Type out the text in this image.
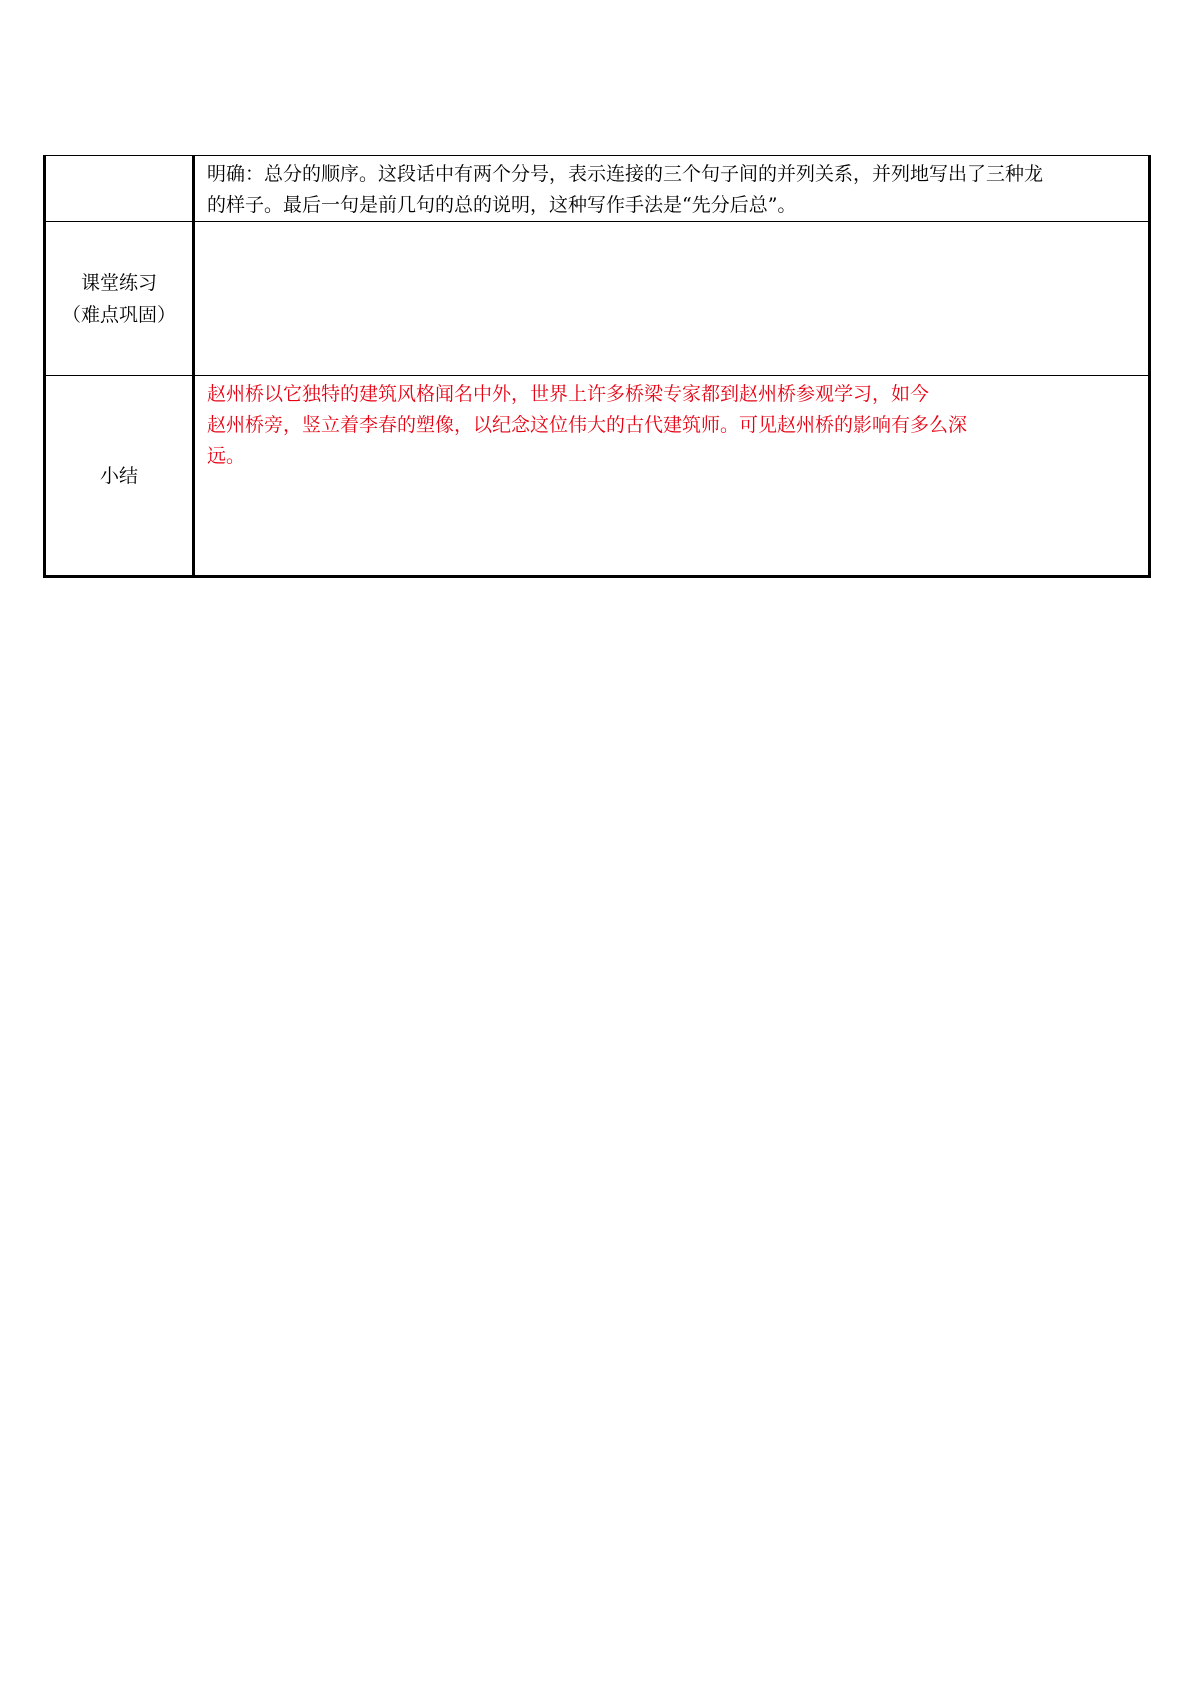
	明确：总分的顺序。这段话中有两个分号，表示连接的三个句子间的并列关系，并列地写出了三种龙
的样子。最后一句是前几句的总的说明，这种写作手法是“先分后总”。

课堂练习
（难点巩固）	

小结	赵州桥以它独特的建筑风格闻名中外，世界上许多桥梁专家都到赵州桥参观学习，如今
赵州桥旁，竖立着李春的塑像，以纪念这位伟大的古代建筑师。可见赵州桥的影响有多么深
远。
